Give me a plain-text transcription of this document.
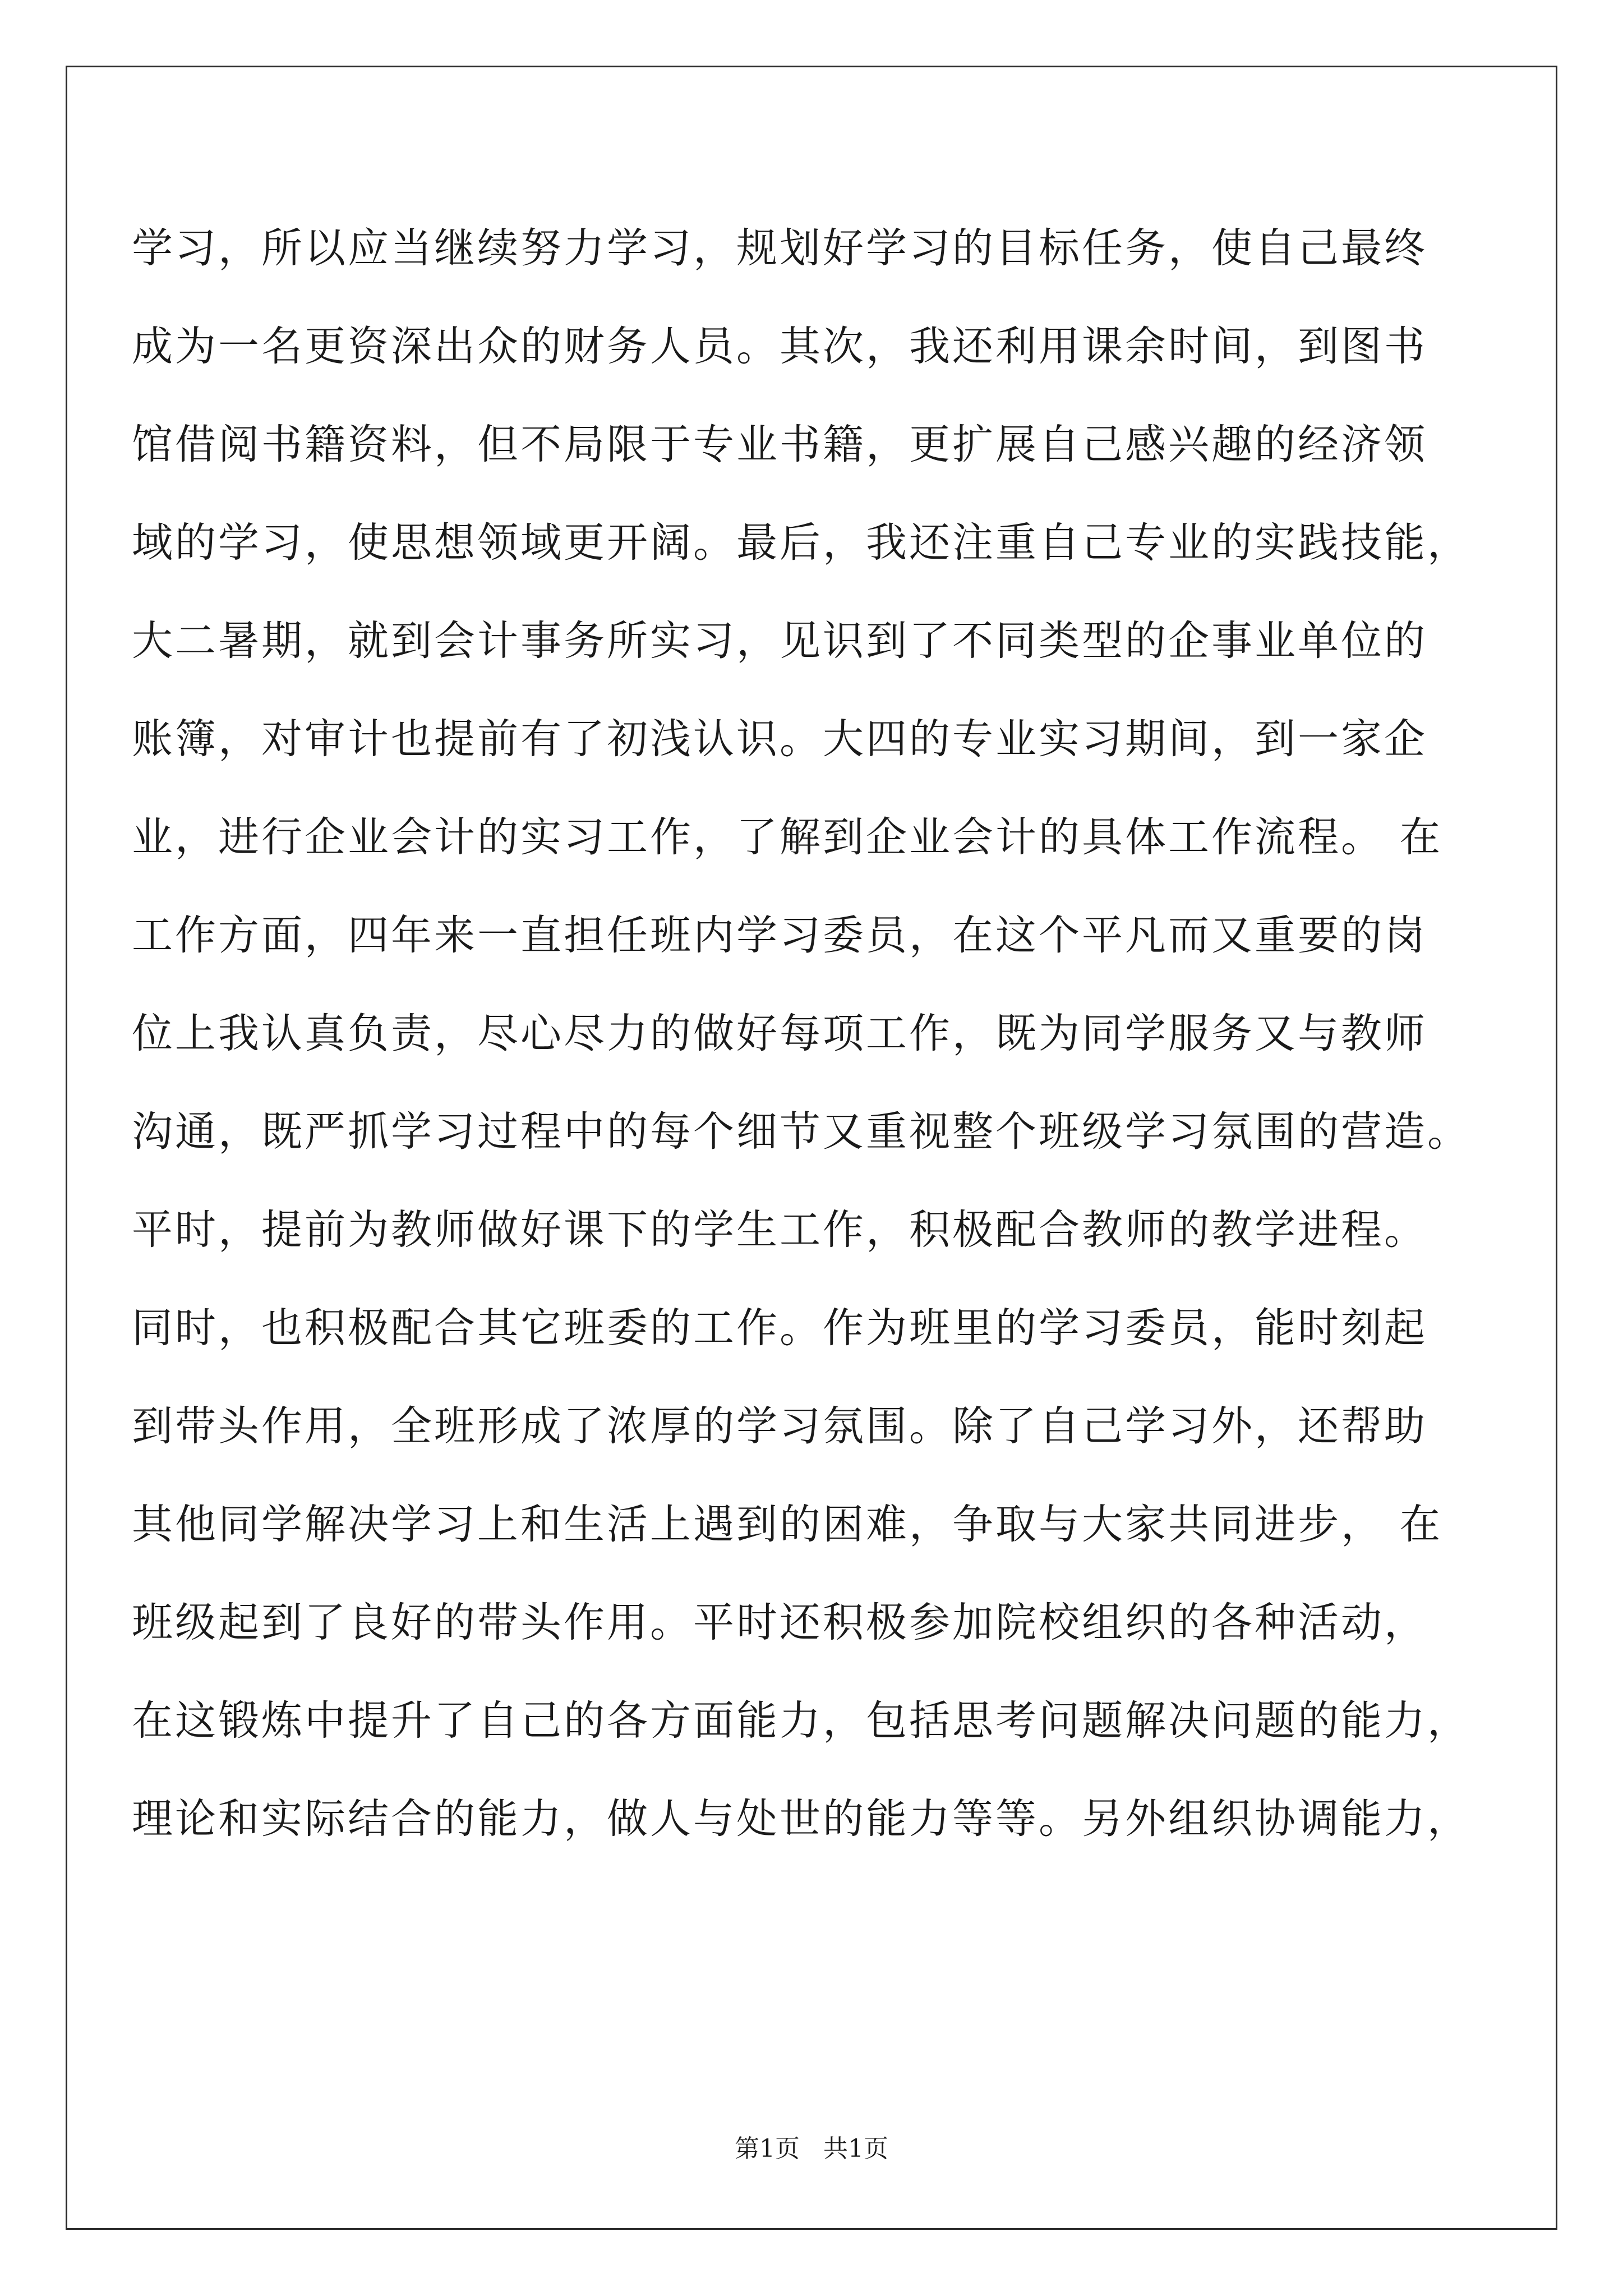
学习，所以应当继续努力学习，规划好学习的目标任务，使自己最终
成为一名更资深出众的财务人员。其次，我还利用课余时间，到图书
馆借阅书籍资料，但不局限于专业书籍，更扩展自己感兴趣的经济领
域的学习，使思想领域更开阔。最后，我还注重自己专业的实践技能，
大二暑期，就到会计事务所实习，见识到了不同类型的企事业单位的
账簿，对审计也提前有了初浅认识。大四的专业实习期间，到一家企
业，进行企业会计的实习工作，了解到企业会计的具体工作流程。 在
工作方面，四年来一直担任班内学习委员，在这个平凡而又重要的岗
位上我认真负责，尽心尽力的做好每项工作，既为同学服务又与教师
沟通，既严抓学习过程中的每个细节又重视整个班级学习氛围的营造。
平时，提前为教师做好课下的学生工作，积极配合教师的教学进程。
同时，也积极配合其它班委的工作。作为班里的学习委员，能时刻起
到带头作用，全班形成了浓厚的学习氛围。除了自己学习外，还帮助
其他同学解决学习上和生活上遇到的困难，争取与大家共同进步， 在
班级起到了良好的带头作用。平时还积极参加院校组织的各种活动，
在这锻炼中提升了自己的各方面能力，包括思考问题解决问题的能力，
理论和实际结合的能力，做人与处世的能力等等。另外组织协调能力，
第1页   共1页
